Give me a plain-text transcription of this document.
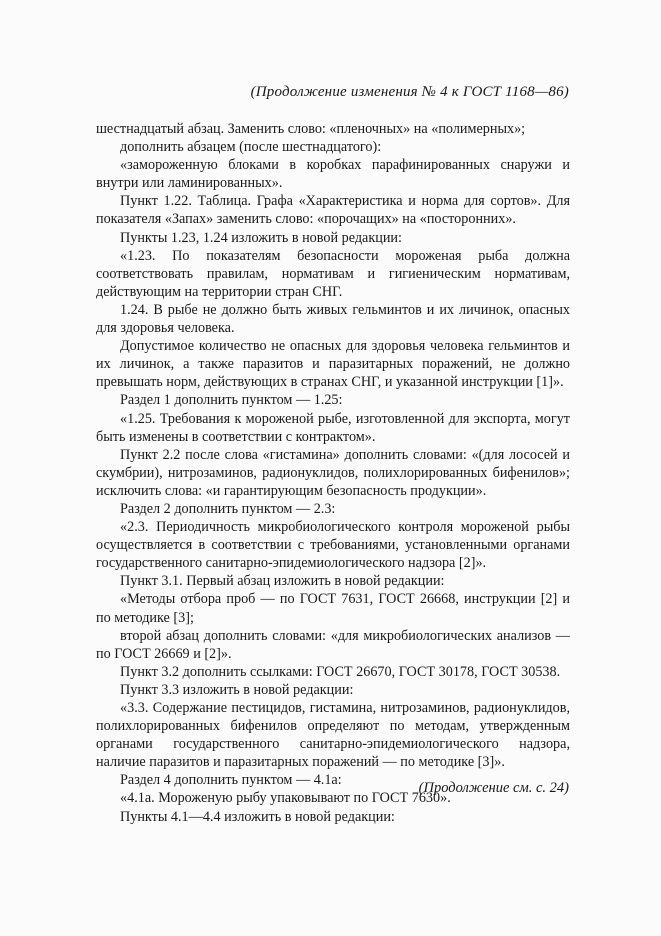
(Продолжение изменения № 4 к ГОСТ 1168—86)

шестнадцатый абзац. Заменить слово: «пленочных» на «полимерных»;

дополнить абзацем (после шестнадцатого):

«замороженную блоками в коробках парафинированных снаружи и внутри или ламинированных».

Пункт 1.22. Таблица. Графа «Характеристика и норма для сортов». Для показателя «Запах» заменить слово: «порочащих» на «посторонних».

Пункты 1.23, 1.24 изложить в новой редакции:

«1.23. По показателям безопасности мороженая рыба должна соответствовать правилам, нормативам и гигиеническим нормативам, действующим на территории стран СНГ.

1.24. В рыбе не должно быть живых гельминтов и их личинок, опасных для здоровья человека.

Допустимое количество не опасных для здоровья человека гельминтов и их личинок, а также паразитов и паразитарных поражений, не должно превышать норм, действующих в странах СНГ, и указанной инструкции [1]».

Раздел 1 дополнить пунктом — 1.25:

«1.25. Требования к мороженой рыбе, изготовленной для экспорта, могут быть изменены в соответствии с контрактом».

Пункт 2.2 после слова «гистамина» дополнить словами: «(для лососей и скумбрии), нитрозаминов, радионуклидов, полихлорированных бифенилов»; исключить слова: «и гарантирующим безопасность продукции».

Раздел 2 дополнить пунктом — 2.3:

«2.3. Периодичность микробиологического контроля мороженой рыбы осуществляется в соответствии с требованиями, установленными органами государственного санитарно-эпидемиологического надзора [2]».

Пункт 3.1. Первый абзац изложить в новой редакции:

«Методы отбора проб — по ГОСТ 7631, ГОСТ 26668, инструкции [2] и по методике [3];

второй абзац дополнить словами: «для микробиологических анализов — по ГОСТ 26669 и [2]».

Пункт 3.2 дополнить ссылками: ГОСТ 26670, ГОСТ 30178, ГОСТ 30538.

Пункт 3.3 изложить в новой редакции:

«3.3. Содержание пестицидов, гистамина, нитрозаминов, радионуклидов, полихлорированных бифенилов определяют по методам, утвержденным органами государственного санитарно-эпидемиологического надзора, наличие паразитов и паразитарных поражений — по методике [3]».

Раздел 4 дополнить пунктом — 4.1а:

«4.1а. Мороженую рыбу упаковывают по ГОСТ 7630».

Пункты 4.1—4.4 изложить в новой редакции:

(Продолжение см. с. 24)
